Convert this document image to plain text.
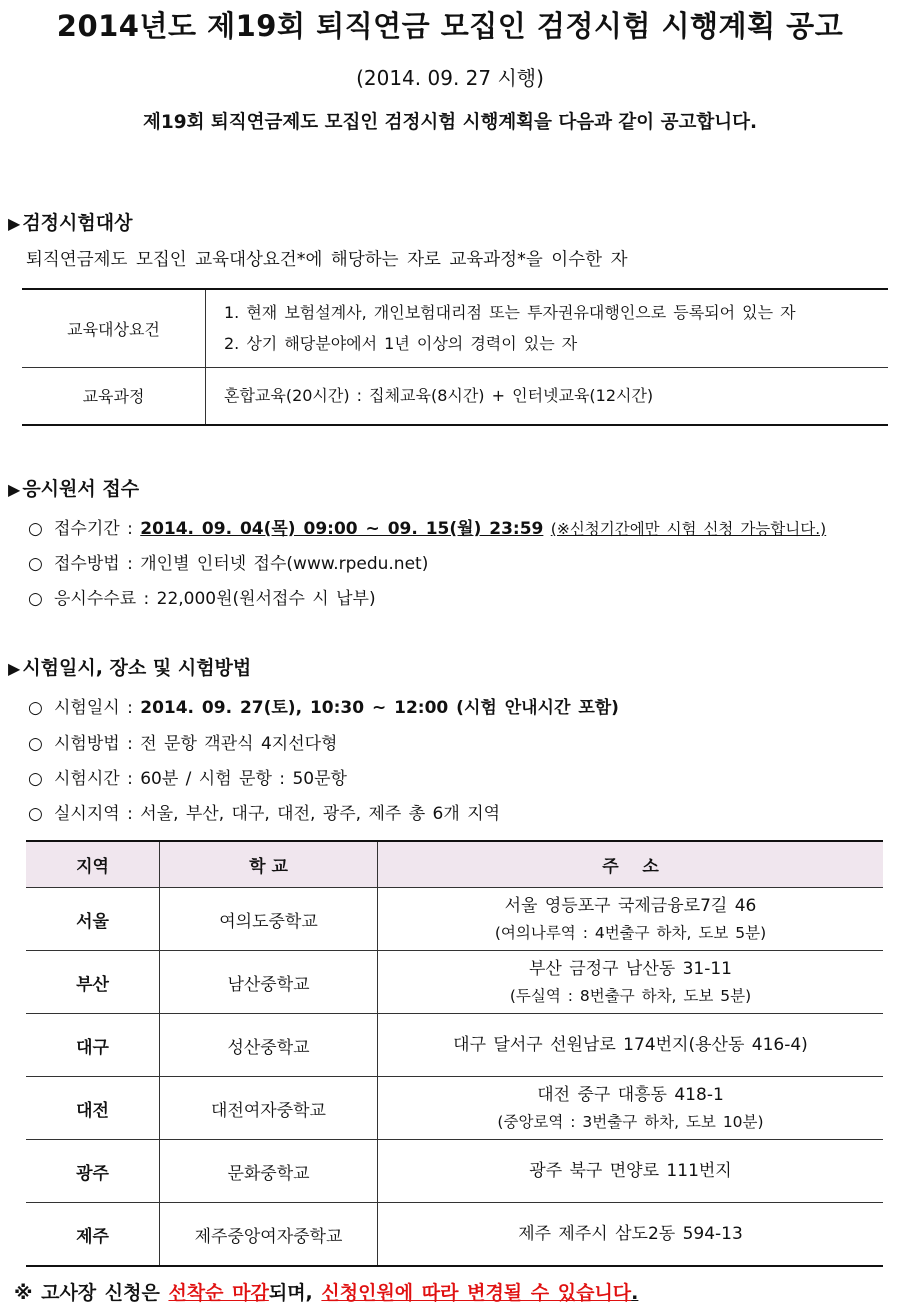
2014년도 제19회 퇴직연금 모집인 검정시험 시행계획 공고
(2014. 09. 27 시행)
제19회 퇴직연금제도 모집인 검정시험 시행계획을 다음과 같이 공고합니다.
▶ 검정시험대상
퇴직연금제도 모집인 교육대상요건*에 해당하는 자로 교육과정*을 이수한 자
교육대상요건	1. 현재 보험설계사, 개인보험대리점 또는 투자권유대행인으로 등록되어 있는 자
2. 상기 해당분야에서 1년 이상의 경력이 있는 자

교육과정	혼합교육(20시간) : 집체교육(8시간) + 인터넷교육(12시간)
▶ 응시원서 접수
○ 접수기간 : 2014. 09. 04(목) 09:00 ~ 09. 15(월) 23:59 (※신청기간에만 시험 신청 가능합니다.)
○ 접수방법 : 개인별 인터넷 접수(www.rpedu.net)
○ 응시수수료 : 22,000원(원서접수 시 납부)
▶ 시험일시, 장소 및 시험방법
○ 시험일시 : 2014. 09. 27(토), 10:30 ~ 12:00 (시험 안내시간 포함)
○ 시험방법 : 전 문항 객관식 4지선다형
○ 시험시간 : 60분 / 시험 문항 : 50문항
○ 실시지역 : 서울, 부산, 대구, 대전, 광주, 제주 총 6개 지역
지역	학 교	주    소
서울	여의도중학교	서울 영등포구 국제금융로7길 46
(여의나루역 : 4번출구 하차, 도보 5분)

부산	남산중학교	부산 금정구 남산동 31-11
(두실역 : 8번출구 하차, 도보 5분)

대구	성산중학교	대구 달서구 선원남로 174번지(용산동 416-4)

대전	대전여자중학교	대전 중구 대흥동 418-1
(중앙로역 : 3번출구 하차, 도보 10분)

광주	문화중학교	광주 북구 면양로 111번지

제주	제주중앙여자중학교	제주 제주시 삼도2동 594-13
※ 고사장 신청은 선착순 마감되며, 신청인원에 따라 변경될 수 있습니다.
